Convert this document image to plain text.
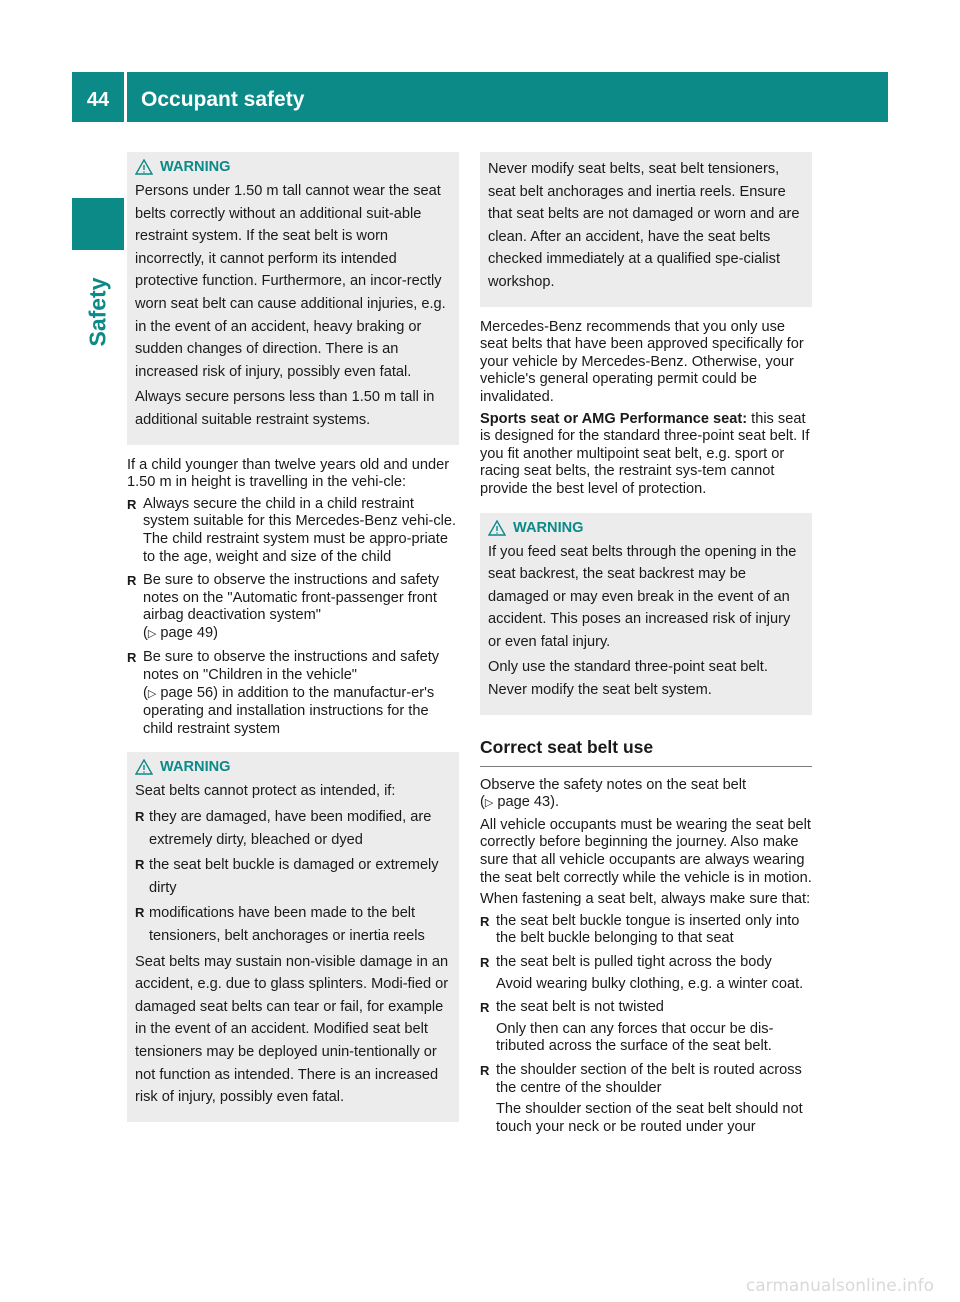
44	Occupant safety
Safety
WARNING

Persons under 1.50 m tall cannot wear the seat belts correctly without an additional suit-able restraint system. If the seat belt is worn incorrectly, it cannot perform its intended protective function. Furthermore, an incor-rectly worn seat belt can cause additional injuries, e.g. in the event of an accident, heavy braking or sudden changes of direction. There is an increased risk of injury, possibly even fatal.

Always secure persons less than 1.50 m tall in additional suitable restraint systems.

If a child younger than twelve years old and under 1.50 m in height is travelling in the vehi-cle:

R Always secure the child in a child restraint system suitable for this Mercedes-Benz vehi-cle. The child restraint system must be appro-priate to the age, weight and size of the child
R Be sure to observe the instructions and safety notes on the "Automatic front-passenger front airbag deactivation system"
(▷ page 49)
R Be sure to observe the instructions and safety notes on "Children in the vehicle"
(▷ page 56) in addition to the manufactur-er's operating and installation instructions for the child restraint system
WARNING

Seat belts cannot protect as intended, if:

R they are damaged, have been modified, are extremely dirty, bleached or dyed
R the seat belt buckle is damaged or extremely dirty
R modifications have been made to the belt tensioners, belt anchorages or inertia reels

Seat belts may sustain non-visible damage in an accident, e.g. due to glass splinters. Modi-fied or damaged seat belts can tear or fail, for example in the event of an accident. Modified seat belt tensioners may be deployed unin-tentionally or not function as intended. There is an increased risk of injury, possibly even fatal.

Never modify seat belts, seat belt tensioners, seat belt anchorages and inertia reels. Ensure that seat belts are not damaged or worn and are clean. After an accident, have the seat belts checked immediately at a qualified spe-cialist workshop.

Mercedes-Benz recommends that you only use seat belts that have been approved specifically for your vehicle by Mercedes-Benz. Otherwise, your vehicle's general operating permit could be invalidated.

Sports seat or AMG Performance seat: this seat is designed for the standard three-point seat belt. If you fit another multipoint seat belt, e.g. sport or racing seat belts, the restraint sys-tem cannot provide the best level of protection.

WARNING

If you feed seat belts through the opening in the seat backrest, the seat backrest may be damaged or may even break in the event of an accident. This poses an increased risk of injury or even fatal injury.

Only use the standard three-point seat belt. Never modify the seat belt system.

Correct seat belt use

Observe the safety notes on the seat belt
(▷ page 43).

All vehicle occupants must be wearing the seat belt correctly before beginning the journey. Also make sure that all vehicle occupants are always wearing the seat belt correctly while the vehicle is in motion.

When fastening a seat belt, always make sure that:

R the seat belt buckle tongue is inserted only into the belt buckle belonging to that seat
R the seat belt is pulled tight across the body
Avoid wearing bulky clothing, e.g. a winter coat.
R the seat belt is not twisted
Only then can any forces that occur be dis-tributed across the surface of the seat belt.
R the shoulder section of the belt is routed across the centre of the shoulder
The shoulder section of the seat belt should not touch your neck or be routed under your
carmanualsonline.info
